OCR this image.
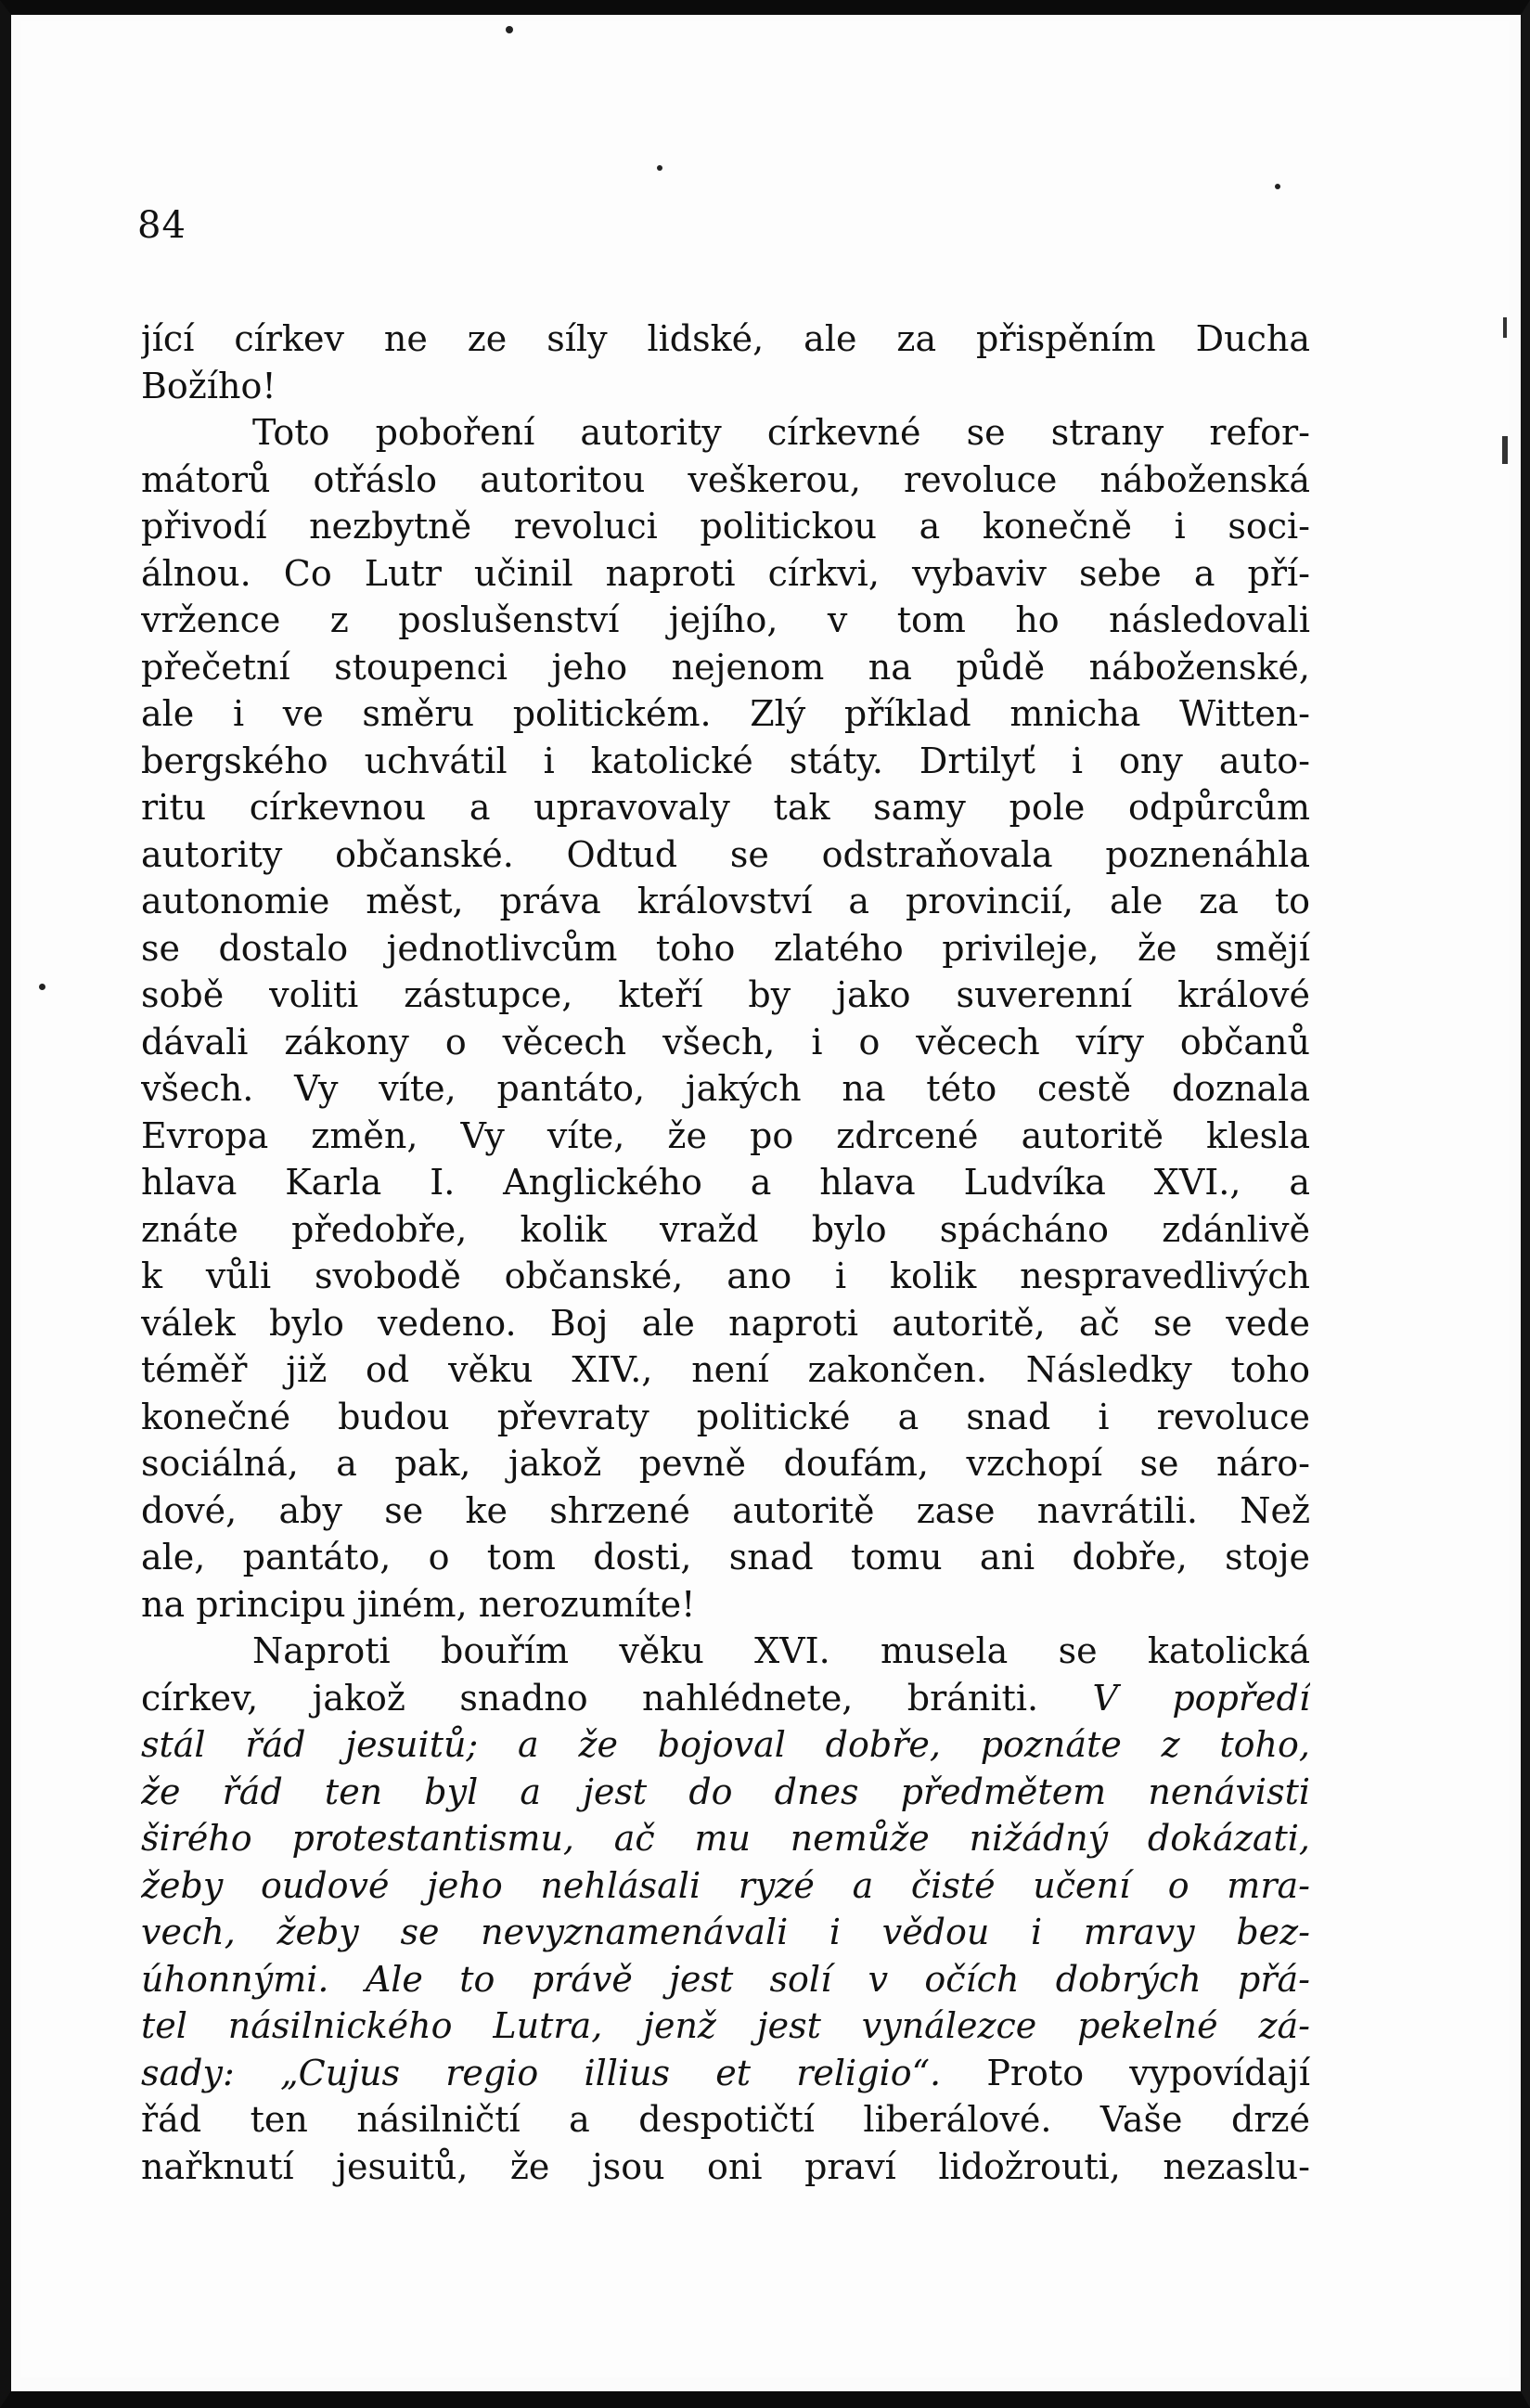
84
jící církev ne ze síly lidské, ale za přispěním Ducha
Božího!
Toto poboření autority církevné se strany refor-
mátorů otřáslo autoritou veškerou, revoluce náboženská
přivodí nezbytně revoluci politickou a konečně i soci-
álnou. Co Lutr učinil naproti církvi, vybaviv sebe a pří-
vržence z poslušenství jejího, v tom ho následovali
přečetní stoupenci jeho nejenom na půdě náboženské,
ale i ve směru politickém. Zlý příklad mnicha Witten-
bergského uchvátil i katolické státy. Drtilyť i ony auto-
ritu církevnou a upravovaly tak samy pole odpůrcům
autority občanské. Odtud se odstraňovala poznenáhla
autonomie měst, práva království a provincií, ale za to
se dostalo jednotlivcům toho zlatého privileje, že smějí
sobě voliti zástupce, kteří by jako suverenní králové
dávali zákony o věcech všech, i o věcech víry občanů
všech. Vy víte, pantáto, jakých na této cestě doznala
Evropa změn, Vy víte, že po zdrcené autoritě klesla
hlava Karla I. Anglického a hlava Ludvíka XVI., a
znáte předobře, kolik vražd bylo spácháno zdánlivě
k vůli svobodě občanské, ano i kolik nespravedlivých
válek bylo vedeno. Boj ale naproti autoritě, ač se vede
téměř již od věku XIV., není zakončen. Následky toho
konečné budou převraty politické a snad i revoluce
sociálná, a pak, jakož pevně doufám, vzchopí se náro-
dové, aby se ke shrzené autoritě zase navrátili. Než
ale, pantáto, o tom dosti, snad tomu ani dobře, stoje
na principu jiném, nerozumíte!
Naproti bouřím věku XVI. musela se katolická
církev, jakož snadno nahlédnete, brániti. V popředí
stál řád jesuitů; a že bojoval dobře, poznáte z toho,
že řád ten byl a jest do dnes předmětem nenávisti
širého protestantismu, ač mu nemůže nižádný dokázati,
žeby oudové jeho nehlásali ryzé a čisté učení o mra-
vech, žeby se nevyznamenávali i vědou i mravy bez-
úhonnými. Ale to právě jest solí v očích dobrých přá-
tel násilnického Lutra, jenž jest vynálezce pekelné zá-
sady: „Cujus regio illius et religio“. Proto vypovídají
řád ten násilničtí a despotičtí liberálové. Vaše drzé
nařknutí jesuitů, že jsou oni praví lidožrouti, nezaslu-
